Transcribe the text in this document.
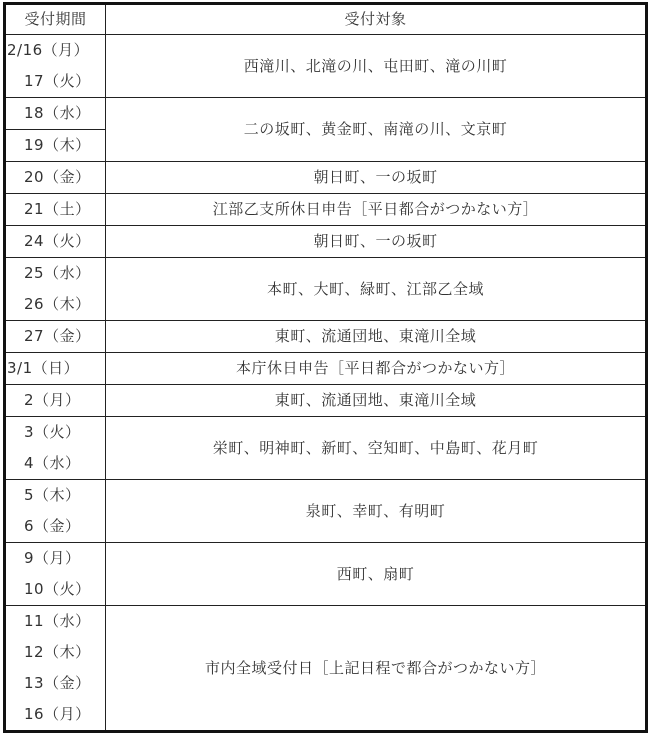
受付期間	受付対象

2/16（月）
17（火）	西滝川、北滝の川、屯田町、滝の川町

18（水）
19（木）	二の坂町、黄金町、南滝の川、文京町

20（金）	朝日町、一の坂町

21（土）	江部乙支所休日申告［平日都合がつかない方］

24（火）	朝日町、一の坂町

25（水）
26（木）	本町、大町、緑町、江部乙全域

27（金）	東町、流通団地、東滝川全域

3/1（日）	本庁休日申告［平日都合がつかない方］

2（月）	東町、流通団地、東滝川全域

3（火）
4（水）	栄町、明神町、新町、空知町、中島町、花月町

5（木）
6（金）	泉町、幸町、有明町

9（月）
10（火）	西町、扇町

11（水）
12（木）
13（金）
16（月）	市内全域受付日［上記日程で都合がつかない方］
